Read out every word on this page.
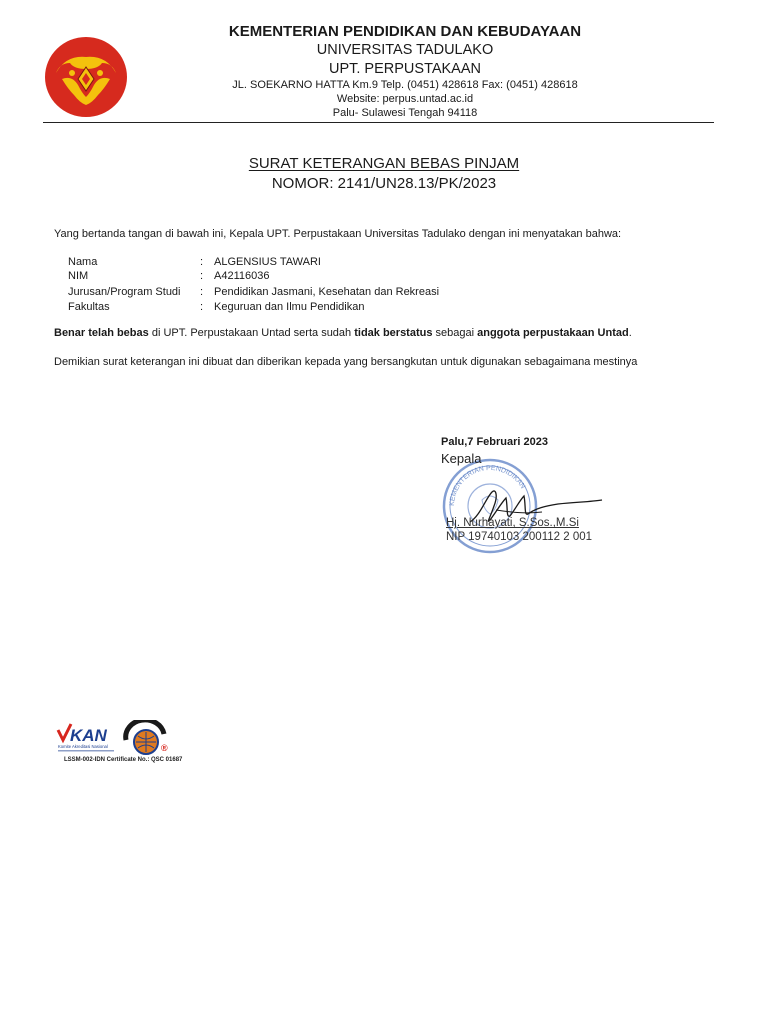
KEMENTERIAN PENDIDIKAN DAN KEBUDAYAAN
UNIVERSITAS TADULAKO
UPT. PERPUSTAKAAN
JL. SOEKARNO HATTA Km.9 Telp. (0451) 428618 Fax: (0451) 428618
Website: perpus.untad.ac.id
Palu- Sulawesi Tengah 94118
SURAT KETERANGAN BEBAS PINJAM
NOMOR: 2141/UN28.13/PK/2023
Yang bertanda tangan di bawah ini, Kepala UPT. Perpustakaan Universitas Tadulako dengan ini menyatakan bahwa:
Nama	: ALGENSIUS TAWARI
NIM	: A42116036
Jurusan/Program Studi : Pendidikan Jasmani, Kesehatan dan Rekreasi
Fakultas	: Keguruan dan Ilmu Pendidikan
Benar telah bebas di UPT. Perpustakaan Untad serta sudah tidak berstatus sebagai anggota perpustakaan Untad.
Demikian surat keterangan ini dibuat dan diberikan kepada yang bersangkutan untuk digunakan sebagaimana mestinya
Palu,7 Februari 2023
KEMENTERIAN PENDIDIKAN
Kepala
Hj. Nurhayati, S.Sos.,M.Si
NIP 19740103 200112 2 001
KAN
Komite Akreditasi Nasional	®
LSSM-002-IDN Certificate No.: QSC 01687
